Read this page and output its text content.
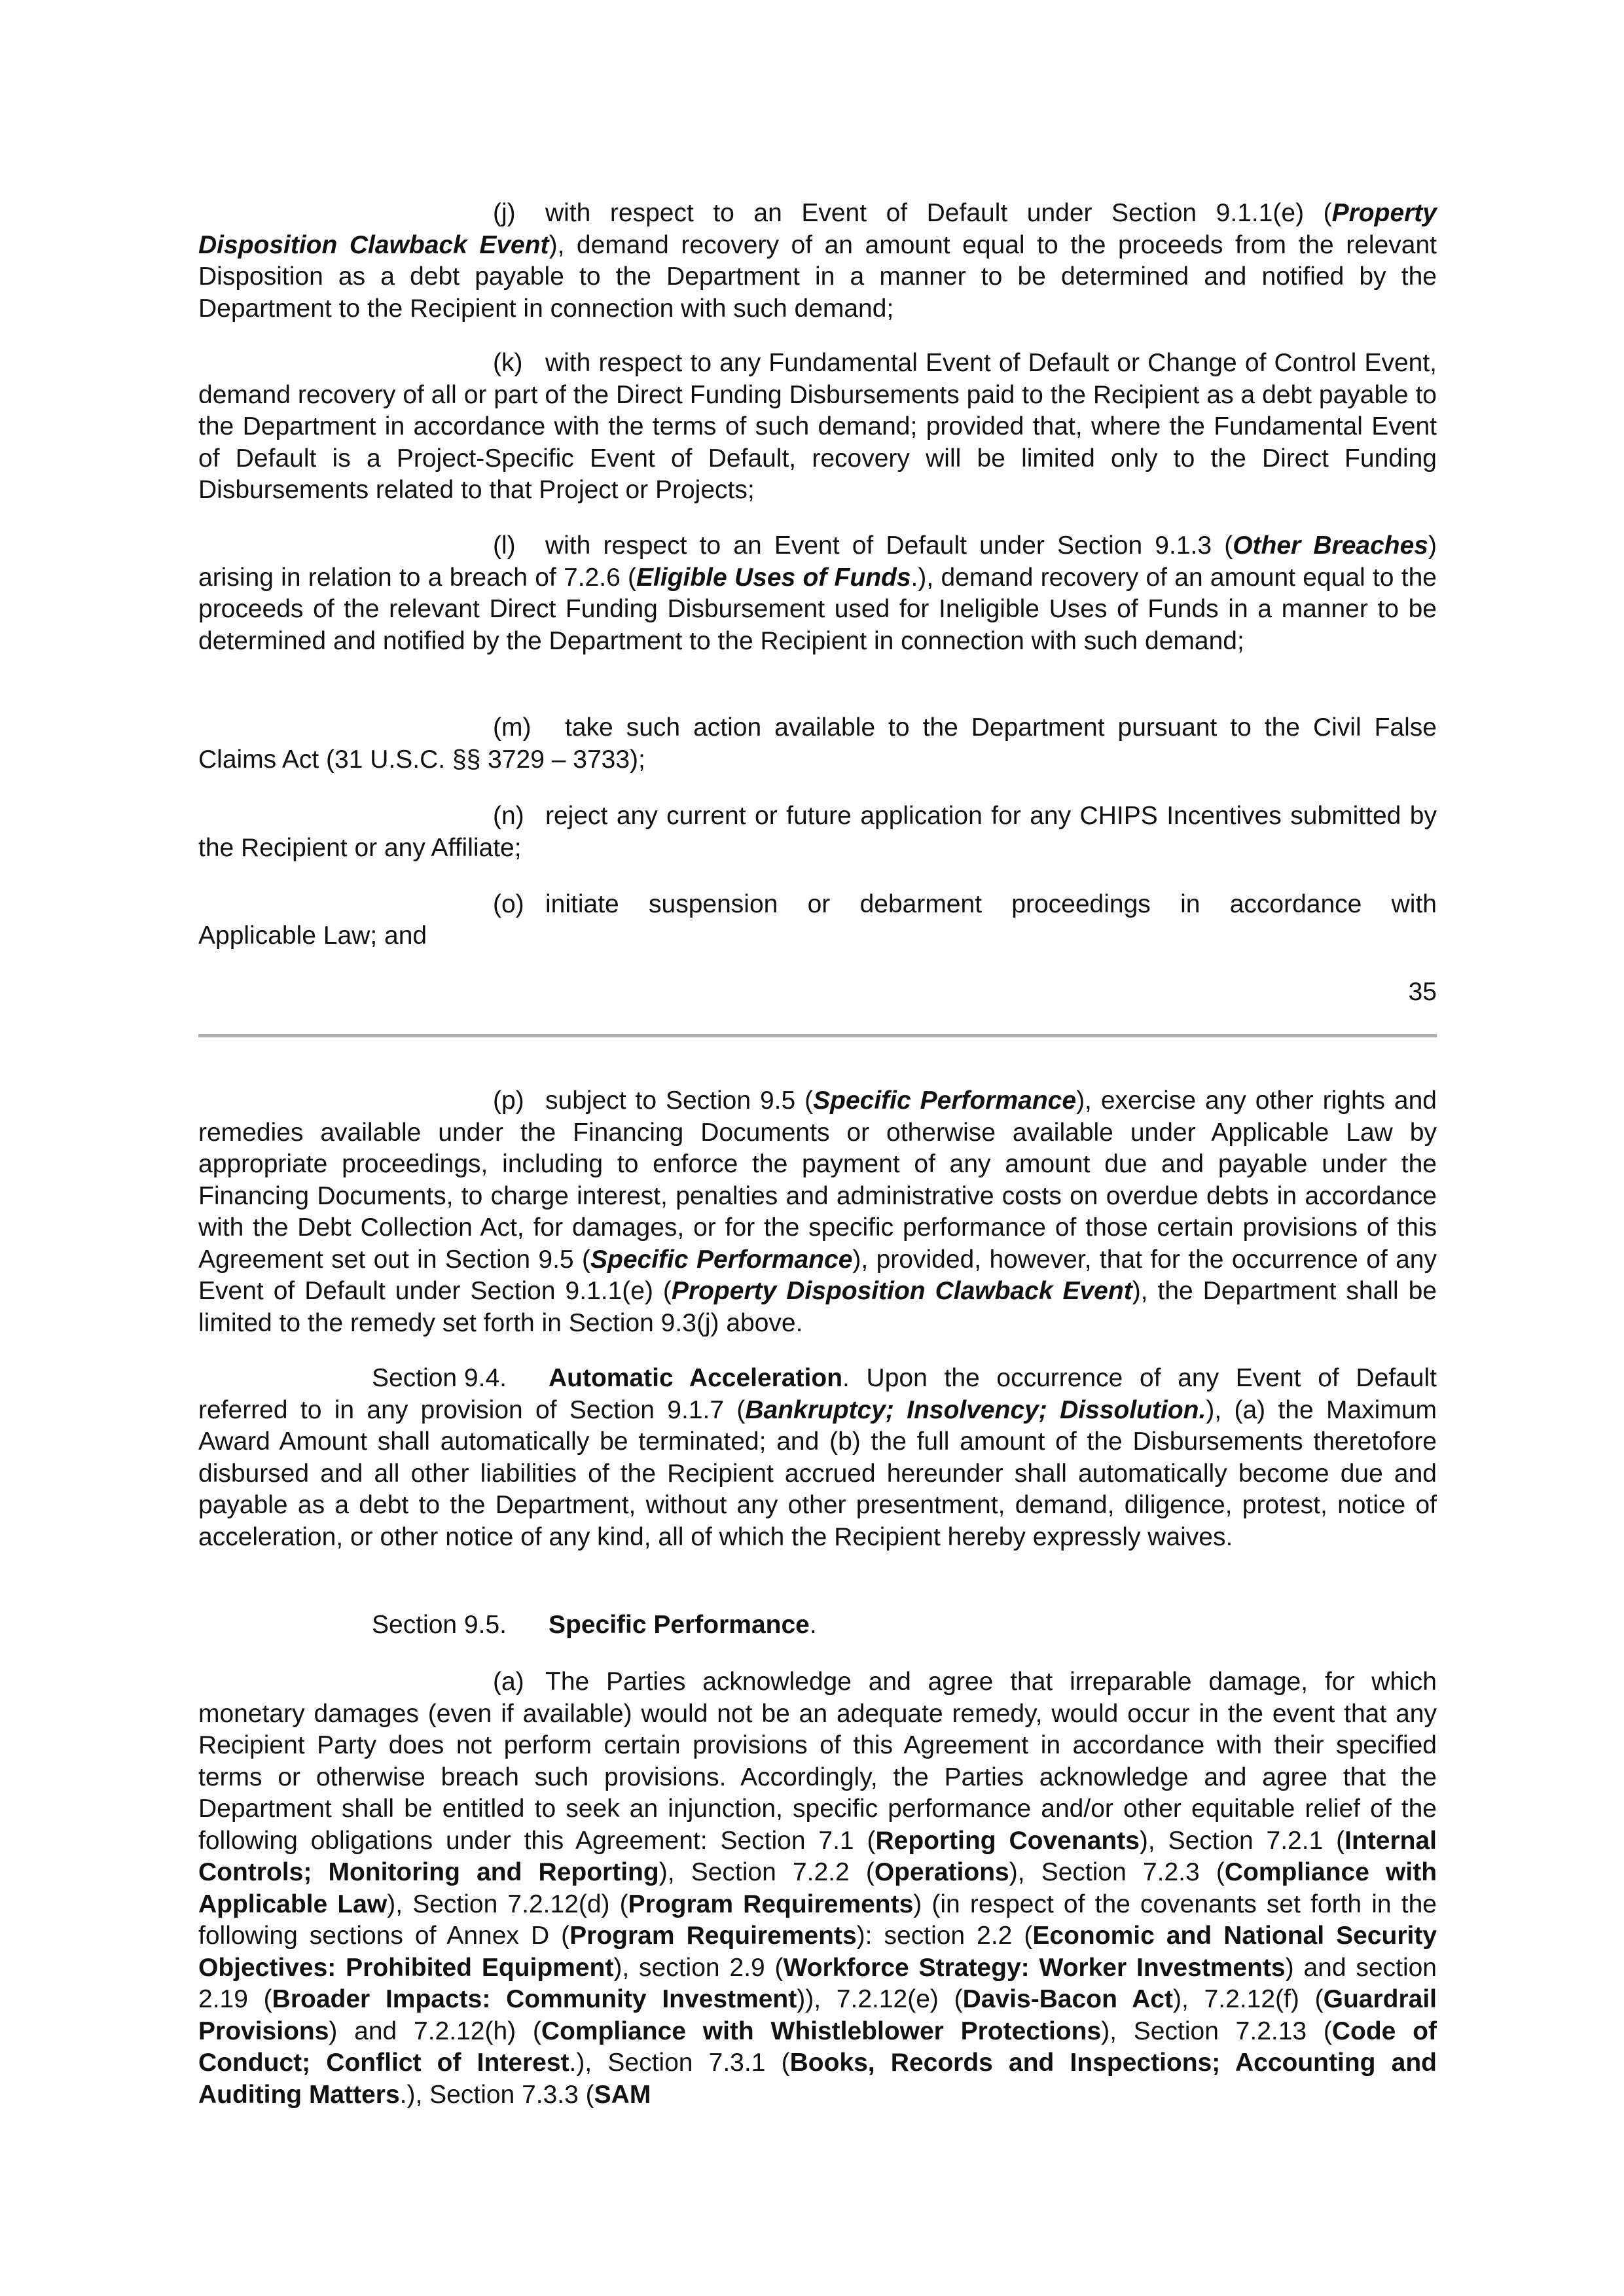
(j) with respect to an Event of Default under Section 9.1.1(e) (Property Disposition Clawback Event), demand recovery of an amount equal to the proceeds from the relevant Disposition as a debt payable to the Department in a manner to be determined and notified by the Department to the Recipient in connection with such demand;

(k) with respect to any Fundamental Event of Default or Change of Control Event, demand recovery of all or part of the Direct Funding Disbursements paid to the Recipient as a debt payable to the Department in accordance with the terms of such demand; provided that, where the Fundamental Event of Default is a Project-Specific Event of Default, recovery will be limited only to the Direct Funding Disbursements related to that Project or Projects;

(l) with respect to an Event of Default under Section 9.1.3 (Other Breaches) arising in relation to a breach of 7.2.6 (Eligible Uses of Funds.), demand recovery of an amount equal to the proceeds of the relevant Direct Funding Disbursement used for Ineligible Uses of Funds in a manner to be determined and notified by the Department to the Recipient in connection with such demand;

(m) take such action available to the Department pursuant to the Civil False Claims Act (31 U.S.C. §§ 3729 – 3733);

(n) reject any current or future application for any CHIPS Incentives submitted by the Recipient or any Affiliate;

(o) initiate suspension or debarment proceedings in accordance with

Applicable Law; and

35

(p) subject to Section 9.5 (Specific Performance), exercise any other rights and remedies available under the Financing Documents or otherwise available under Applicable Law by appropriate proceedings, including to enforce the payment of any amount due and payable under the Financing Documents, to charge interest, penalties and administrative costs on overdue debts in accordance with the Debt Collection Act, for damages, or for the specific performance of those certain provisions of this Agreement set out in Section 9.5 (Specific Performance), provided, however, that for the occurrence of any Event of Default under Section 9.1.1(e) (Property Disposition Clawback Event), the Department shall be limited to the remedy set forth in Section 9.3(j) above.

Section 9.4. Automatic Acceleration. Upon the occurrence of any Event of Default referred to in any provision of Section 9.1.7 (Bankruptcy; Insolvency; Dissolution.), (a) the Maximum Award Amount shall automatically be terminated; and (b) the full amount of the Disbursements theretofore disbursed and all other liabilities of the Recipient accrued hereunder shall automatically become due and payable as a debt to the Department, without any other presentment, demand, diligence, protest, notice of acceleration, or other notice of any kind, all of which the Recipient hereby expressly waives.

Section 9.5. Specific Performance.

(a) The Parties acknowledge and agree that irreparable damage, for which monetary damages (even if available) would not be an adequate remedy, would occur in the event that any Recipient Party does not perform certain provisions of this Agreement in accordance with their specified terms or otherwise breach such provisions. Accordingly, the Parties acknowledge and agree that the Department shall be entitled to seek an injunction, specific performance and/or other equitable relief of the following obligations under this Agreement: Section 7.1 (Reporting Covenants), Section 7.2.1 (Internal Controls; Monitoring and Reporting), Section 7.2.2 (Operations), Section 7.2.3 (Compliance with Applicable Law), Section 7.2.12(d) (Program Requirements) (in respect of the covenants set forth in the following sections of Annex D (Program Requirements): section 2.2 (Economic and National Security Objectives: Prohibited Equipment), section 2.9 (Workforce Strategy: Worker Investments) and section 2.19 (Broader Impacts: Community Investment)), 7.2.12(e) (Davis-Bacon Act), 7.2.12(f) (Guardrail Provisions) and 7.2.12(h) (Compliance with Whistleblower Protections), Section 7.2.13 (Code of Conduct; Conflict of Interest.), Section 7.3.1 (Books, Records and Inspections; Accounting and Auditing Matters.), Section 7.3.3 (SAM
